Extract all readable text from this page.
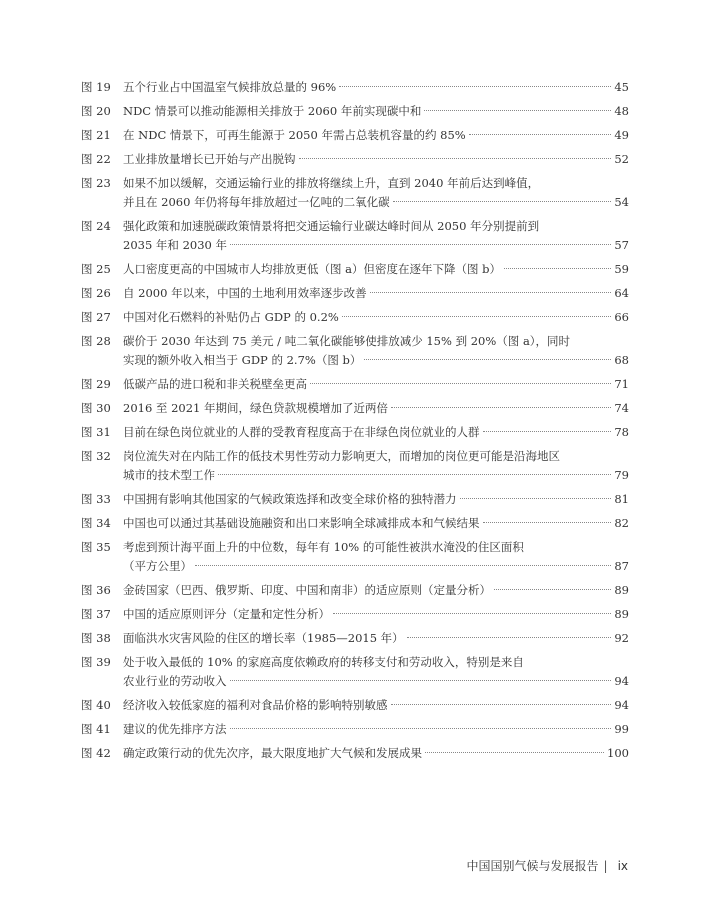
图 19	五个行业占中国温室气候排放总量的 96%	45
图 20	NDC 情景可以推动能源相关排放于 2060 年前实现碳中和	48
图 21	在 NDC 情景下，可再生能源于 2050 年需占总装机容量的约 85%	49
图 22	工业排放量增长已开始与产出脱钩	52
图 23	如果不加以缓解，交通运输行业的排放将继续上升，直到 2040 年前后达到峰值，
并且在 2060 年仍将每年排放超过一亿吨的二氧化碳	54
图 24	强化政策和加速脱碳政策情景将把交通运输行业碳达峰时间从 2050 年分别提前到
2035 年和 2030 年	57
图 25	人口密度更高的中国城市人均排放更低（图 a）但密度在逐年下降（图 b）	59
图 26	自 2000 年以来，中国的土地利用效率逐步改善	64
图 27	中国对化石燃料的补贴仍占 GDP 的 0.2%	66
图 28	碳价于 2030 年达到 75 美元 / 吨二氧化碳能够使排放减少 15% 到 20%（图 a），同时
实现的额外收入相当于 GDP 的 2.7%（图 b）	68
图 29	低碳产品的进口税和非关税壁垒更高	71
图 30	2016 至 2021 年期间，绿色贷款规模增加了近两倍	74
图 31	目前在绿色岗位就业的人群的受教育程度高于在非绿色岗位就业的人群	78
图 32	岗位流失对在内陆工作的低技术男性劳动力影响更大，而增加的岗位更可能是沿海地区
城市的技术型工作	79
图 33	中国拥有影响其他国家的气候政策选择和改变全球价格的独特潜力	81
图 34	中国也可以通过其基础设施融资和出口来影响全球减排成本和气候结果	82
图 35	考虑到预计海平面上升的中位数，每年有 10% 的可能性被洪水淹没的住区面积
（平方公里）	87
图 36	金砖国家（巴西、俄罗斯、印度、中国和南非）的适应原则（定量分析）	89
图 37	中国的适应原则评分（定量和定性分析）	89
图 38	面临洪水灾害风险的住区的增长率（1985—2015 年）	92
图 39	处于收入最低的 10% 的家庭高度依赖政府的转移支付和劳动收入，特别是来自
农业行业的劳动收入	94
图 40	经济收入较低家庭的福利对食品价格的影响特别敏感	94
图 41	建议的优先排序方法	99
图 42	确定政策行动的优先次序，最大限度地扩大气候和发展成果	100
中国国别气候与发展报告 | ix
